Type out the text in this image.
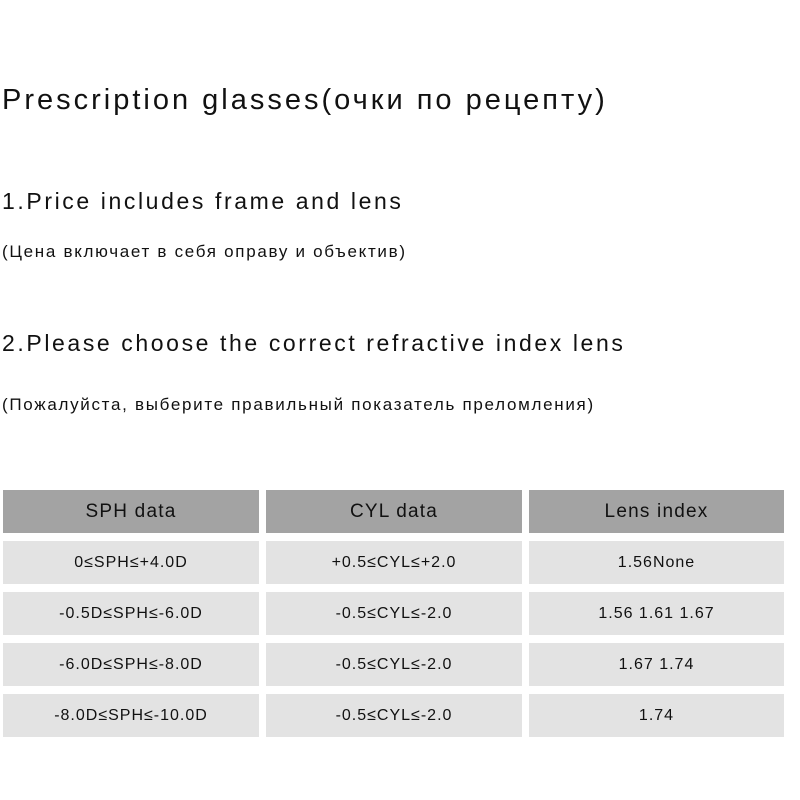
Prescription glasses(очки по рецепту)
1.Price includes frame and lens
(Цена включает в себя оправу и объектив)
2.Please choose the correct refractive index lens
(Пожалуйста, выберите правильный показатель преломления)
SPH data	CYL data	Lens index
0≤SPH≤+4.0D	+0.5≤CYL≤+2.0	1.56None
-0.5D≤SPH≤-6.0D	-0.5≤CYL≤-2.0	1.56 1.61 1.67
-6.0D≤SPH≤-8.0D	-0.5≤CYL≤-2.0	1.67 1.74
-8.0D≤SPH≤-10.0D	-0.5≤CYL≤-2.0	1.74
